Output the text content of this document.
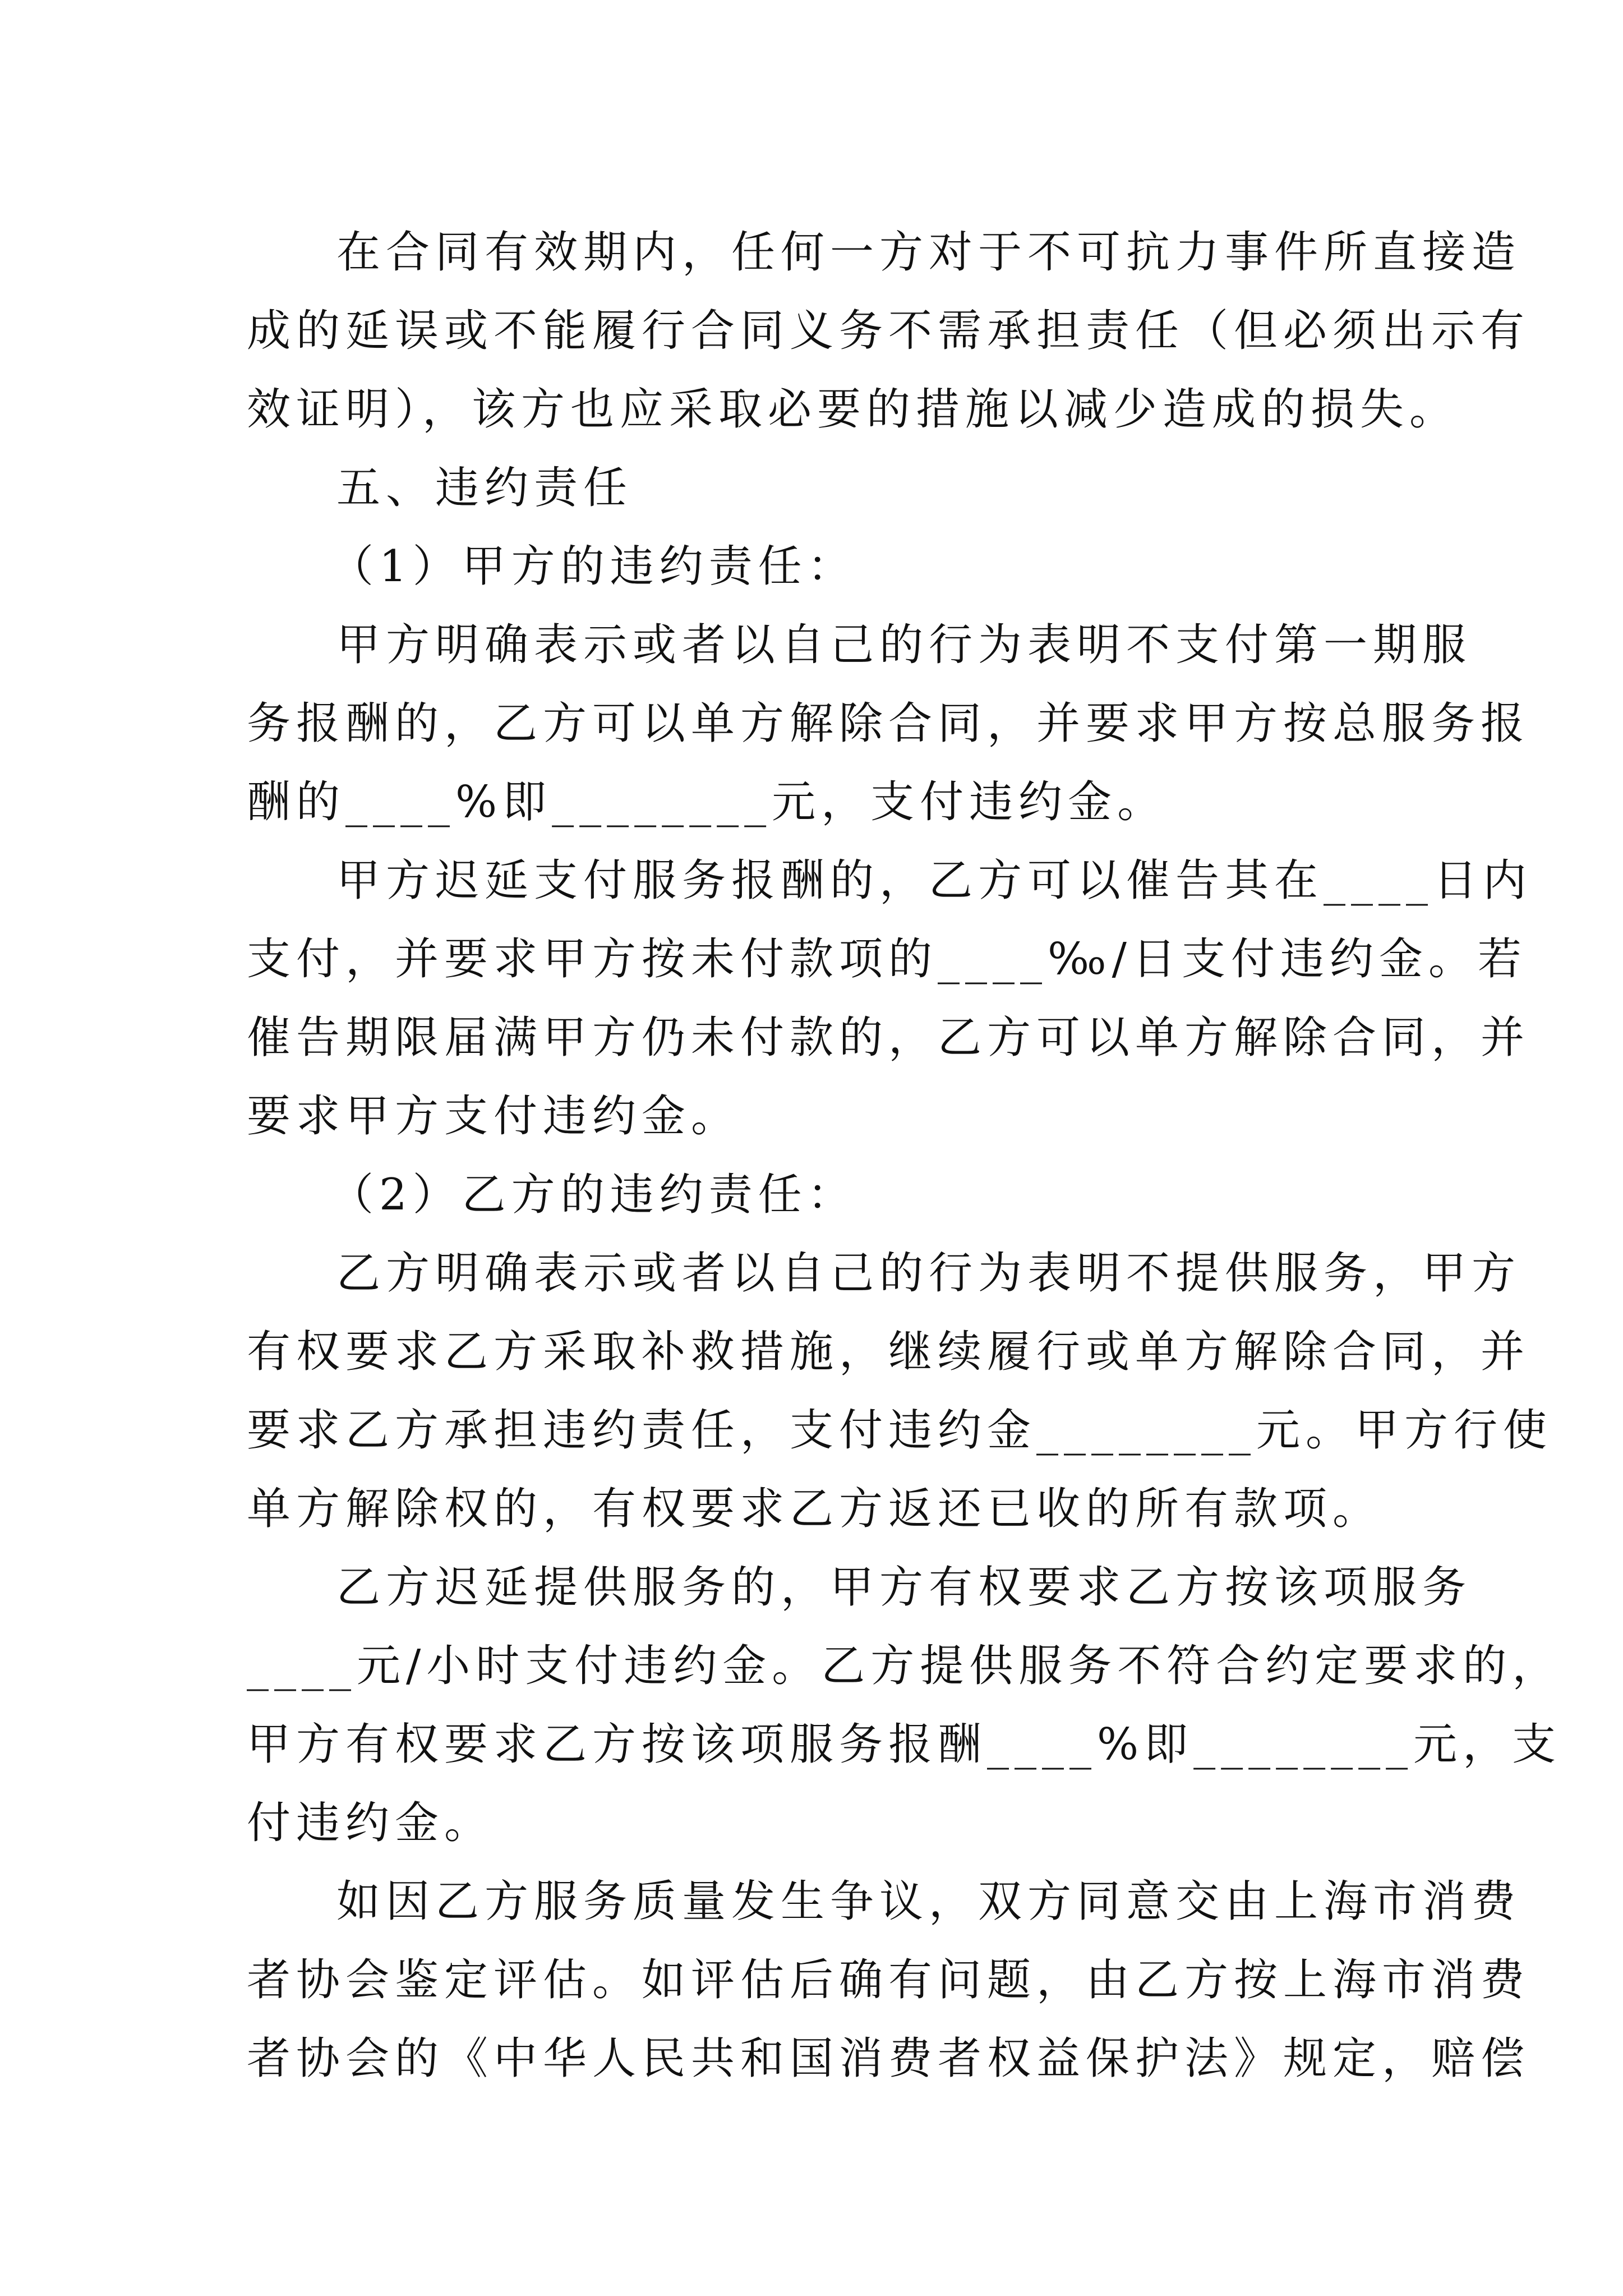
在合同有效期内，任何一方对于不可抗力事件所直接造
成的延误或不能履行合同义务不需承担责任（但必须出示有
效证明），该方也应采取必要的措施以减少造成的损失。
五、违约责任
（1）甲方的违约责任：
甲方明确表示或者以自己的行为表明不支付第一期服
务报酬的，乙方可以单方解除合同，并要求甲方按总服务报
酬的____%即________元，支付违约金。
甲方迟延支付服务报酬的，乙方可以催告其在____日内
支付，并要求甲方按未付款项的____‰/日支付违约金。若
催告期限届满甲方仍未付款的，乙方可以单方解除合同，并
要求甲方支付违约金。
（2）乙方的违约责任：
乙方明确表示或者以自己的行为表明不提供服务，甲方
有权要求乙方采取补救措施，继续履行或单方解除合同，并
要求乙方承担违约责任，支付违约金________元。甲方行使
单方解除权的，有权要求乙方返还已收的所有款项。
乙方迟延提供服务的，甲方有权要求乙方按该项服务
____元/小时支付违约金。乙方提供服务不符合约定要求的，
甲方有权要求乙方按该项服务报酬____%即________元，支
付违约金。
如因乙方服务质量发生争议，双方同意交由上海市消费
者协会鉴定评估。如评估后确有问题，由乙方按上海市消费
者协会的《中华人民共和国消费者权益保护法》规定，赔偿
